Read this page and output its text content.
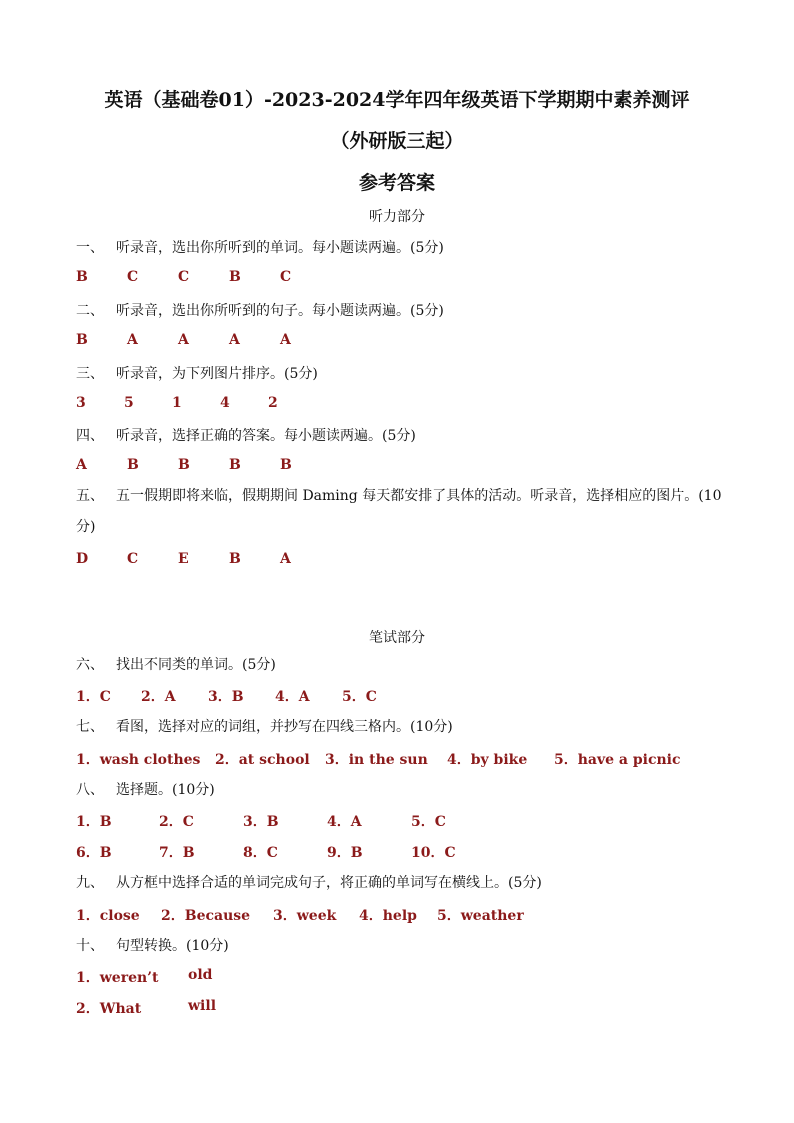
英语（基础卷01）-2023-2024学年四年级英语下学期期中素养测评
（外研版三起）
参考答案
听力部分
一、 听录音，选出你所听到的单词。每小题读两遍。(5分)
B	C	C	B	C
二、 听录音，选出你所听到的句子。每小题读两遍。(5分)
B	A	A	A	A
三、 听录音，为下列图片排序。(5分)
3	5	1	4	2
四、 听录音，选择正确的答案。每小题读两遍。(5分)
A	B	B	B	B
五、 五一假期即将来临，假期期间 Daming 每天都安排了具体的活动。听录音，选择相应的图片。(10分)
D	C	E	B	A
笔试部分
六、 找出不同类的单词。(5分)
1．C 2．A 3．B 4．A 5．C
七、 看图，选择对应的词组，并抄写在四线三格内。(10分)
1．wash clothes 2．at school 3．in the sun 4．by bike 5．have a picnic
八、 选择题。(10分)
1．B	2．C	3．B	4．A	5．C
6．B	7．B	8．C	9．B	10．C
九、 从方框中选择合适的单词完成句子，将正确的单词写在横线上。(5分)
1．close 2．Because 3．week 4．help 5．weather
十、 句型转换。(10分)
1．weren’t old
2．What	will
